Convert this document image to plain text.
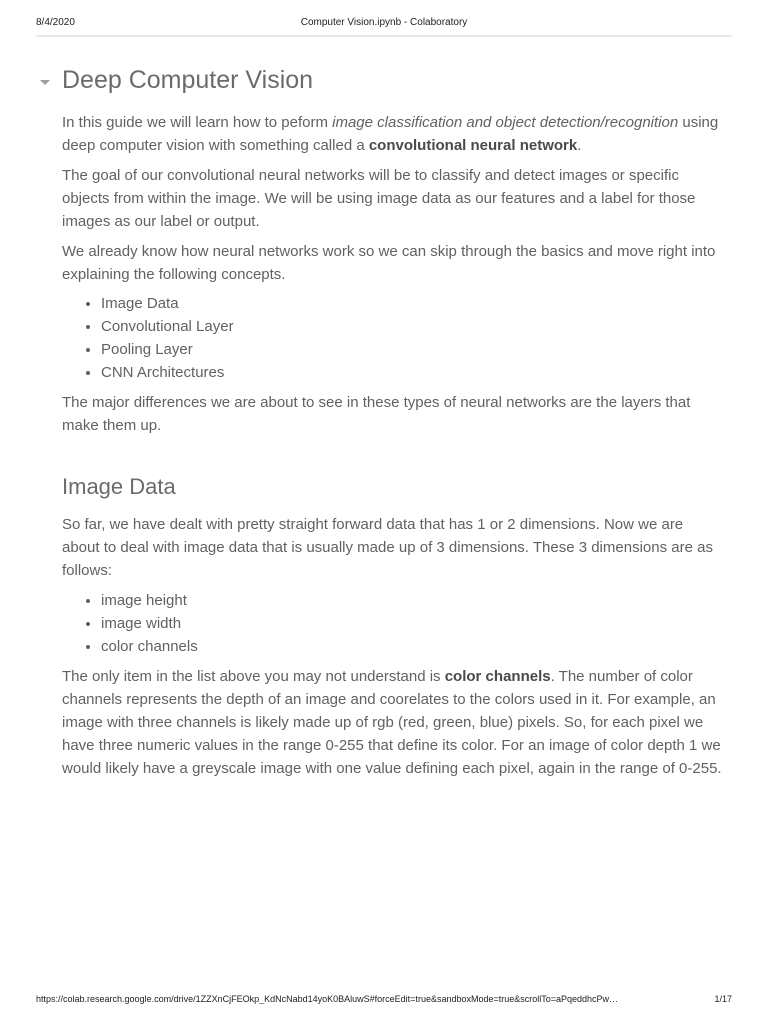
8/4/2020	Computer Vision.ipynb - Colaboratory
Deep Computer Vision

In this guide we will learn how to peform image classification and object detection/recognition using deep computer vision with something called a convolutional neural network.

The goal of our convolutional neural networks will be to classify and detect images or specific objects from within the image. We will be using image data as our features and a label for those images as our label or output.

We already know how neural networks work so we can skip through the basics and move right into explaining the following concepts.

• Image Data
• Convolutional Layer
• Pooling Layer
• CNN Architectures

The major differences we are about to see in these types of neural networks are the layers that make them up.

Image Data

So far, we have dealt with pretty straight forward data that has 1 or 2 dimensions. Now we are about to deal with image data that is usually made up of 3 dimensions. These 3 dimensions are as follows:

• image height
• image width
• color channels

The only item in the list above you may not understand is color channels. The number of color channels represents the depth of an image and coorelates to the colors used in it. For example, an image with three channels is likely made up of rgb (red, green, blue) pixels. So, for each pixel we have three numeric values in the range 0-255 that define its color. For an image of color depth 1 we would likely have a greyscale image with one value defining each pixel, again in the range of 0-255.

https://colab.research.google.com/drive/1ZZXnCjFEOkp_KdNcNabd14yoK0BAluwS#forceEdit=true&sandboxMode=true&scrollTo=aPqeddhcPw…	1/17
